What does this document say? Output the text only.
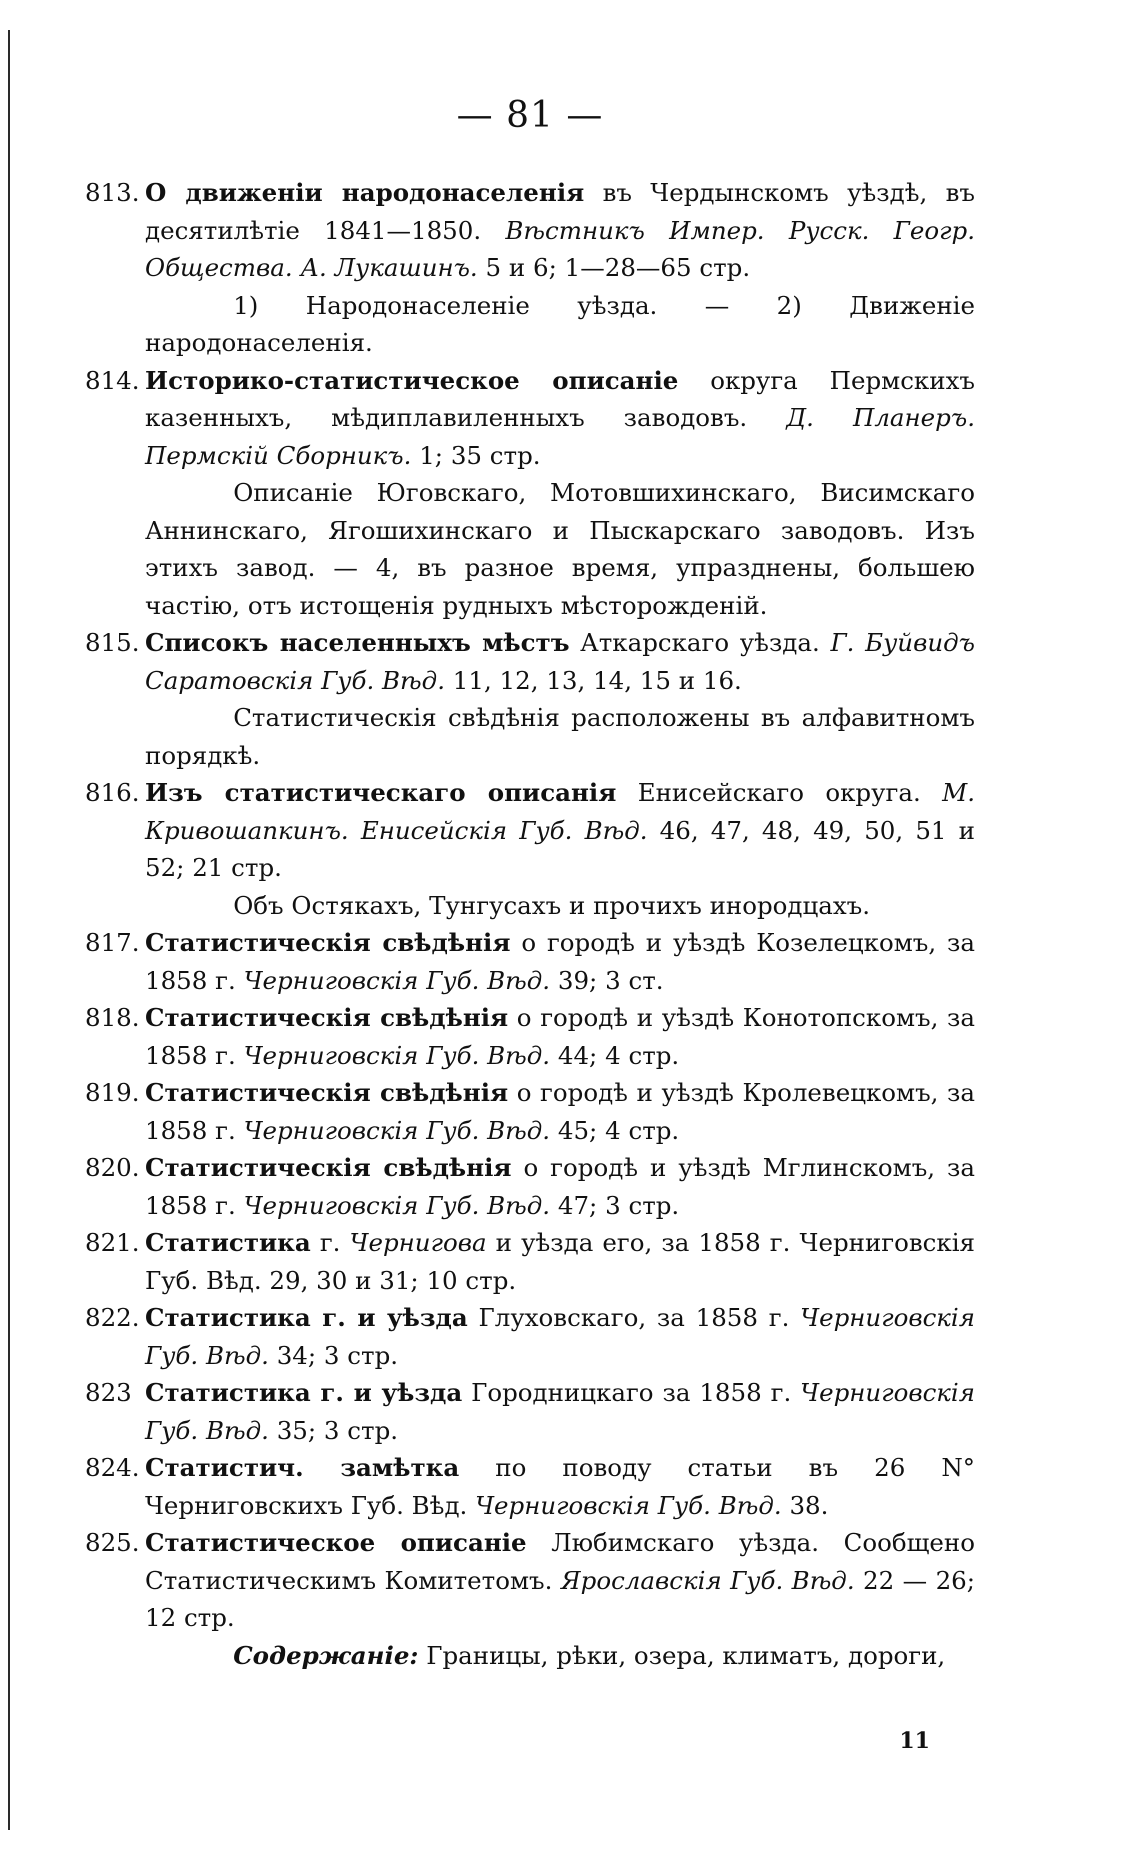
— 81 —
813. О движеніи народонаселенія въ Чердынскомъ уѣздѣ, въ десятилѣтіе 1841—1850. Вѣстникъ Импер. Русск. Геогр. Общества. А. Лукашинъ. 5 и 6; 1—28—65 стр.

1) Народонаселеніе уѣзда. — 2) Движеніе народонаселенія.

814. Историко-статистическое описаніе округа Пермскихъ казенныхъ, мѣдиплавиленныхъ заводовъ. Д. Планеръ. Пермскій Сборникъ. 1; 35 стр.

Описаніе Юговскаго, Мотовшихинскаго, Висимскаго Аннинскаго, Ягошихинскаго и Пыскарскаго заводовъ. Изъ этихъ завод. — 4, въ разное время, упразднены, большею частію, отъ истощенія рудныхъ мѣсторожденій.

815. Списокъ населенныхъ мѣстъ Аткарскаго уѣзда. Г. Буйвидъ Саратовскія Губ. Вѣд. 11, 12, 13, 14, 15 и 16.

Статистическія свѣдѣнія расположены въ алфавитномъ порядкѣ.

816. Изъ статистическаго описанія Енисейскаго округа. М. Кривошапкинъ. Енисейскія Губ. Вѣд. 46, 47, 48, 49, 50, 51 и 52; 21 стр.

Объ Остякахъ, Тунгусахъ и прочихъ инородцахъ.

817. Статистическія свѣдѣнія о городѣ и уѣздѣ Козелецкомъ, за 1858 г. Черниговскія Губ. Вѣд. 39; 3 ст.

818. Статистическія свѣдѣнія о городѣ и уѣздѣ Конотопскомъ, за 1858 г. Черниговскія Губ. Вѣд. 44; 4 стр.

819. Статистическія свѣдѣнія о городѣ и уѣздѣ Кролевецкомъ, за 1858 г. Черниговскія Губ. Вѣд. 45; 4 стр.

820. Статистическія свѣдѣнія о городѣ и уѣздѣ Мглинскомъ, за 1858 г. Черниговскія Губ. Вѣд. 47; 3 стр.

821. Статистика г. Чернигова и уѣзда его, за 1858 г. Черниговскія Губ. Вѣд. 29, 30 и 31; 10 стр.

822. Статистика г. и уѣзда Глуховскаго, за 1858 г. Черниговскія Губ. Вѣд. 34; 3 стр.

823 Статистика г. и уѣзда Городницкаго за 1858 г. Черниговскія Губ. Вѣд. 35; 3 стр.

824. Статистич. замѣтка по поводу статьи въ 26 N° Черниговскихъ Губ. Вѣд. Черниговскія Губ. Вѣд. 38.

825. Статистическое описаніе Любимскаго уѣзда. Сообщено Статистическимъ Комитетомъ. Ярославскія Губ. Вѣд. 22 — 26; 12 стр.

Содержаніе: Границы, рѣки, озера, климатъ, дороги,

11
